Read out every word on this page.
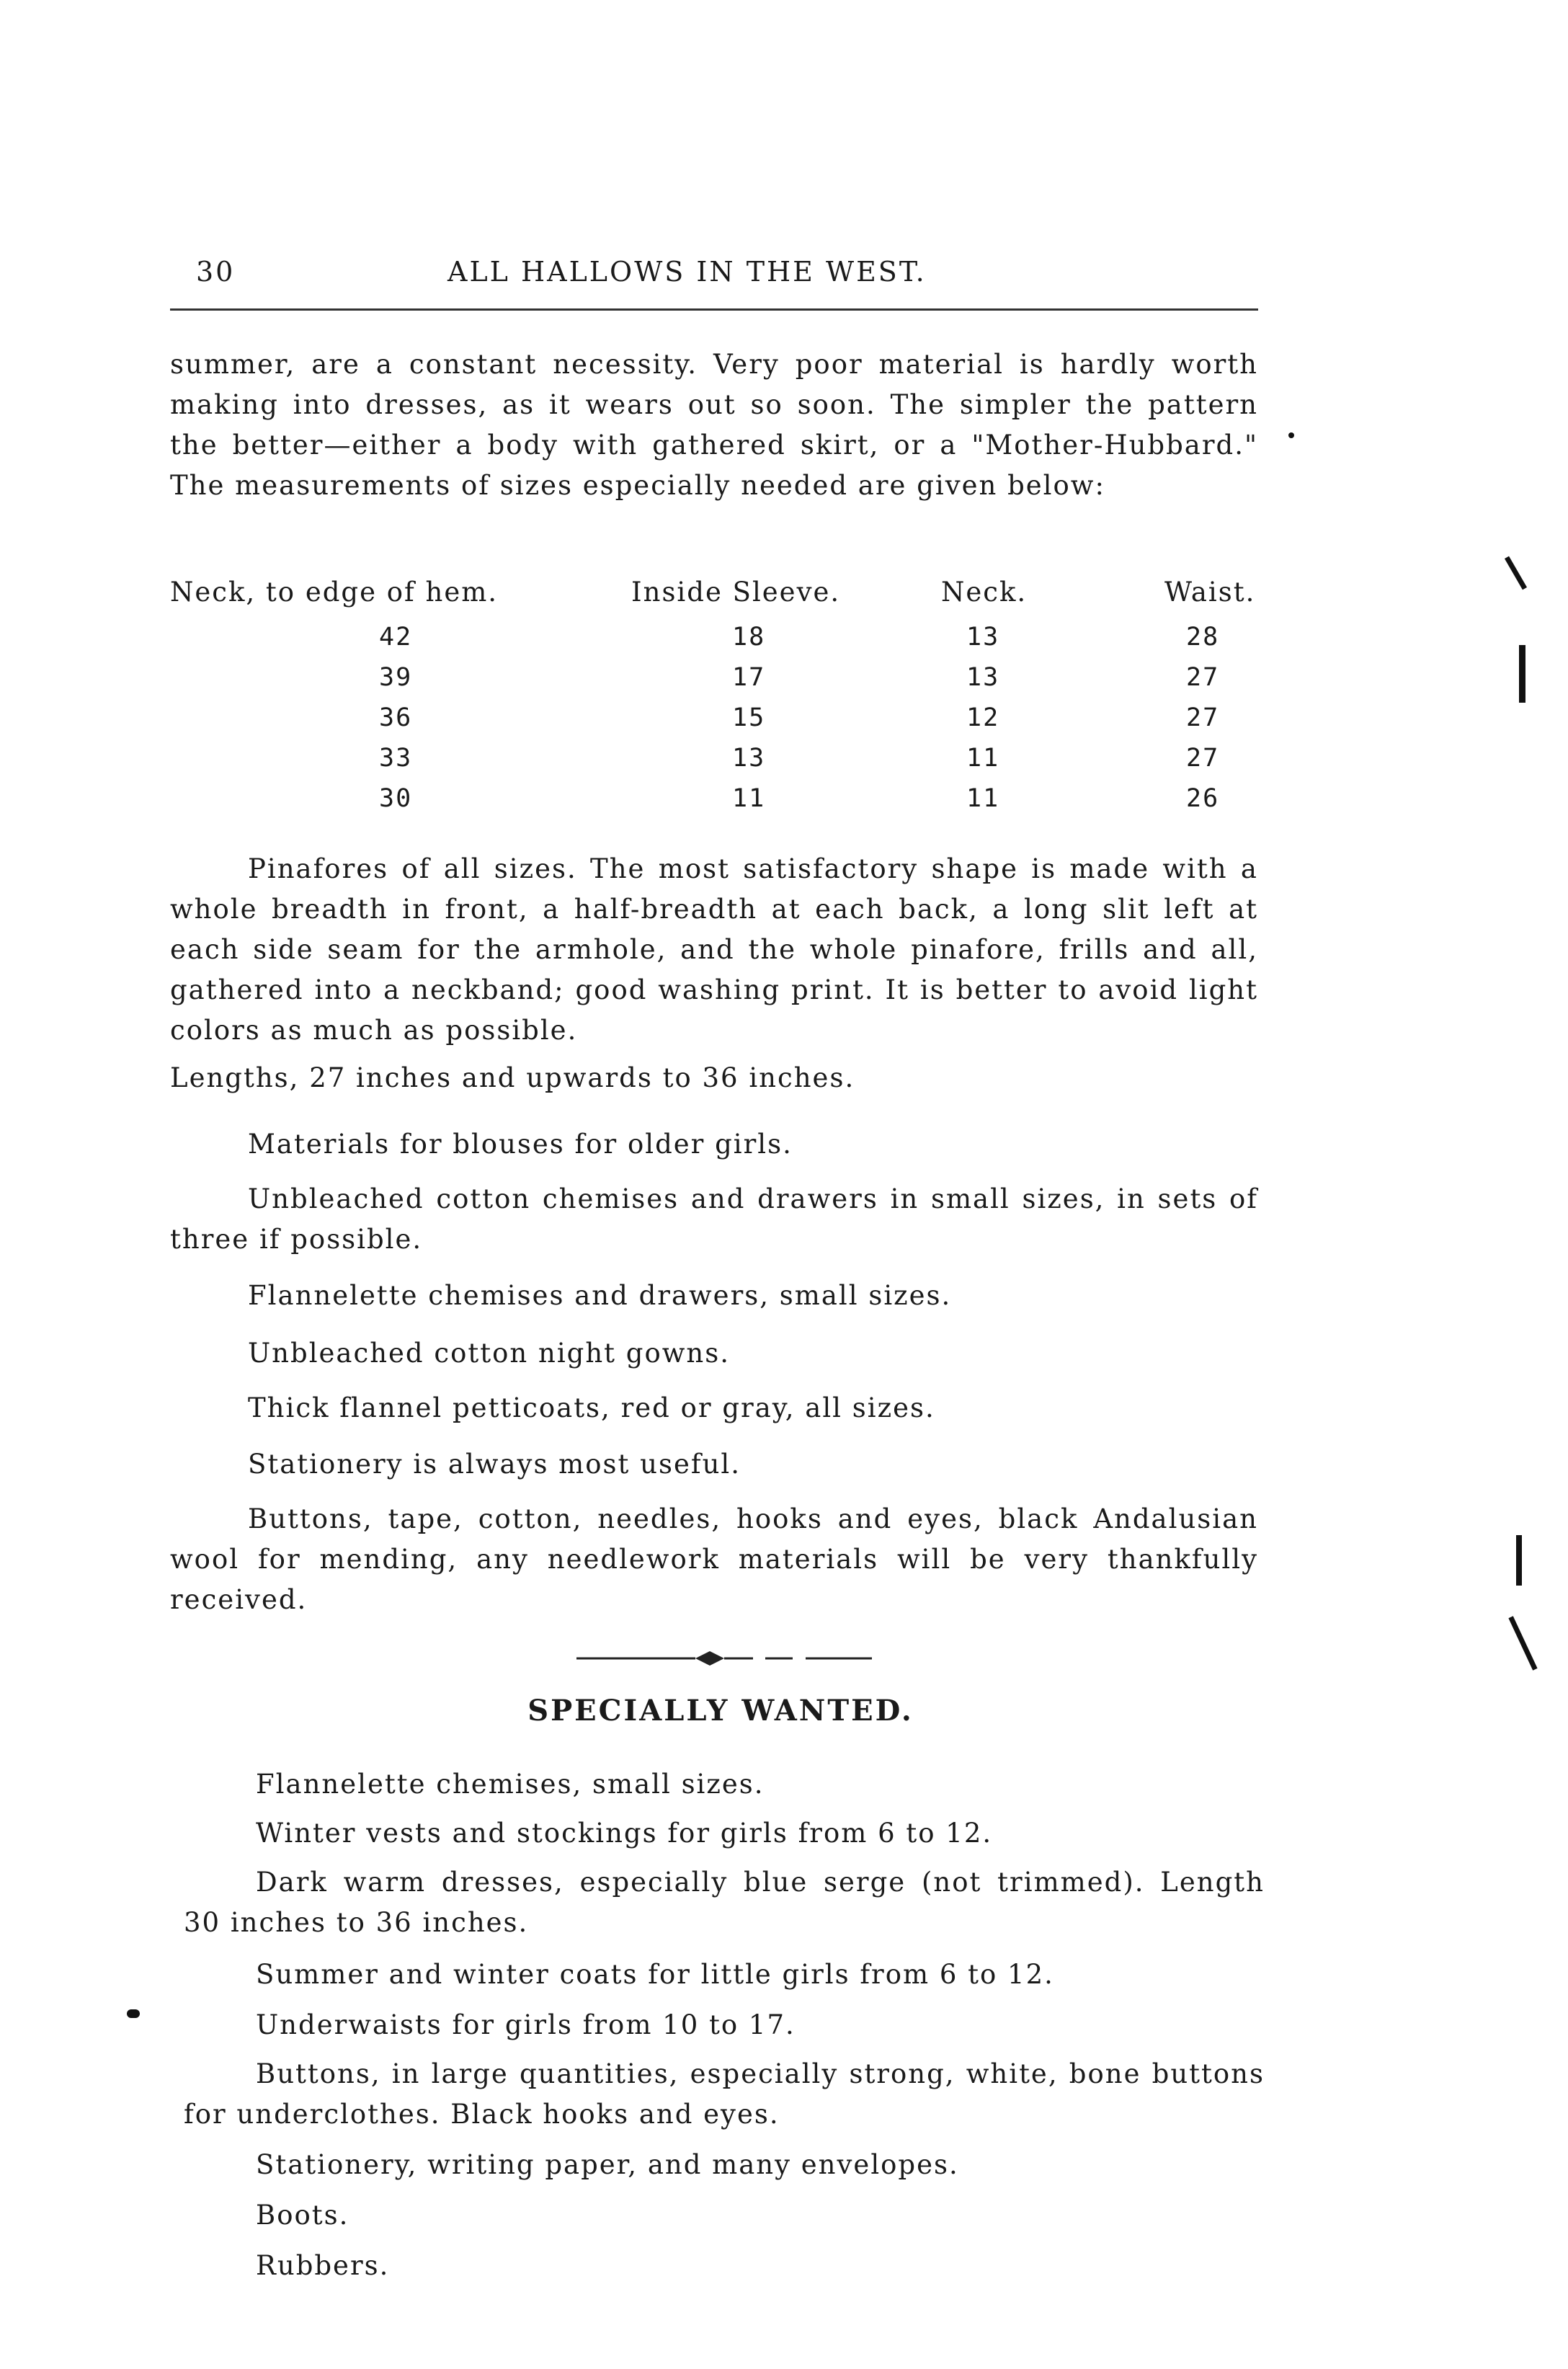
30	ALL HALLOWS IN THE WEST.

summer, are a constant necessity. Very poor material is hardly worth making into dresses, as it wears out so soon. The simpler the pattern the better—either a body with gathered skirt, or a "Mother-Hubbard." The measurements of sizes especially needed are given below:

Neck, to edge of hem.	Inside Sleeve.	Neck.	Waist.
42	18	13	28
39	17	13	27
36	15	12	27
33	13	11	27
30	11	11	26

Pinafores of all sizes. The most satisfactory shape is made with a whole breadth in front, a half-breadth at each back, a long slit left at each side seam for the armhole, and the whole pinafore, frills and all, gathered into a neckband; good washing print. It is better to avoid light colors as much as possible.

Lengths, 27 inches and upwards to 36 inches.

Materials for blouses for older girls.

Unbleached cotton chemises and drawers in small sizes, in sets of three if possible.

Flannelette chemises and drawers, small sizes.

Unbleached cotton night gowns.

Thick flannel petticoats, red or gray, all sizes.

Stationery is always most useful.

Buttons, tape, cotton, needles, hooks and eyes, black Andalusian wool for mending, any needlework materials will be very thankfully received.

SPECIALLY WANTED.

Flannelette chemises, small sizes.

Winter vests and stockings for girls from 6 to 12.

Dark warm dresses, especially blue serge (not trimmed). Length 30 inches to 36 inches.

Summer and winter coats for little girls from 6 to 12.

Underwaists for girls from 10 to 17.

Buttons, in large quantities, especially strong, white, bone buttons for underclothes. Black hooks and eyes.

Stationery, writing paper, and many envelopes.

Boots.

Rubbers.
